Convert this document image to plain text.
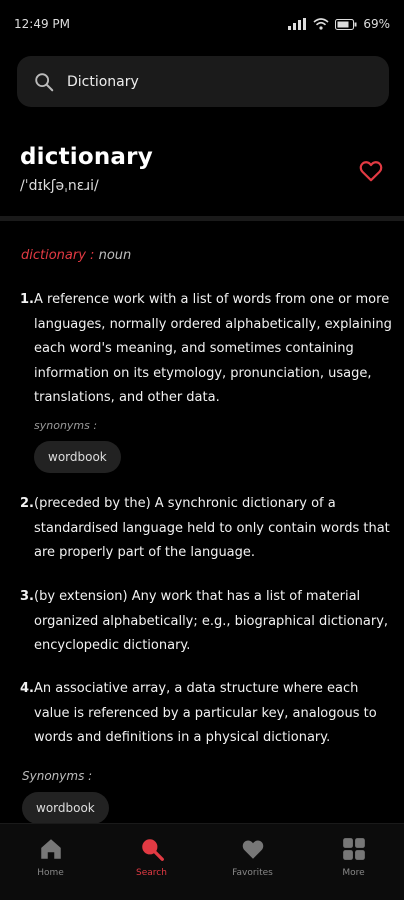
12:49 PM	69%
Dictionary
dictionary
/ˈdɪkʃəˌnɛɹi/
dictionary : noun
1. A reference work with a list of words from one or more languages, normally ordered alphabetically, explaining each word's meaning, and sometimes containing information on its etymology, pronunciation, usage, translations, and other data.
synonyms :
wordbook
2. (preceded by the) A synchronic dictionary of a standardised language held to only contain words that are properly part of the language.
3. (by extension) Any work that has a list of material organized alphabetically; e.g., biographical dictionary, encyclopedic dictionary.
4. An associative array, a data structure where each value is referenced by a particular key, analogous to words and definitions in a physical dictionary.
Synonyms :
wordbook
Home	Search	Favorites	More
